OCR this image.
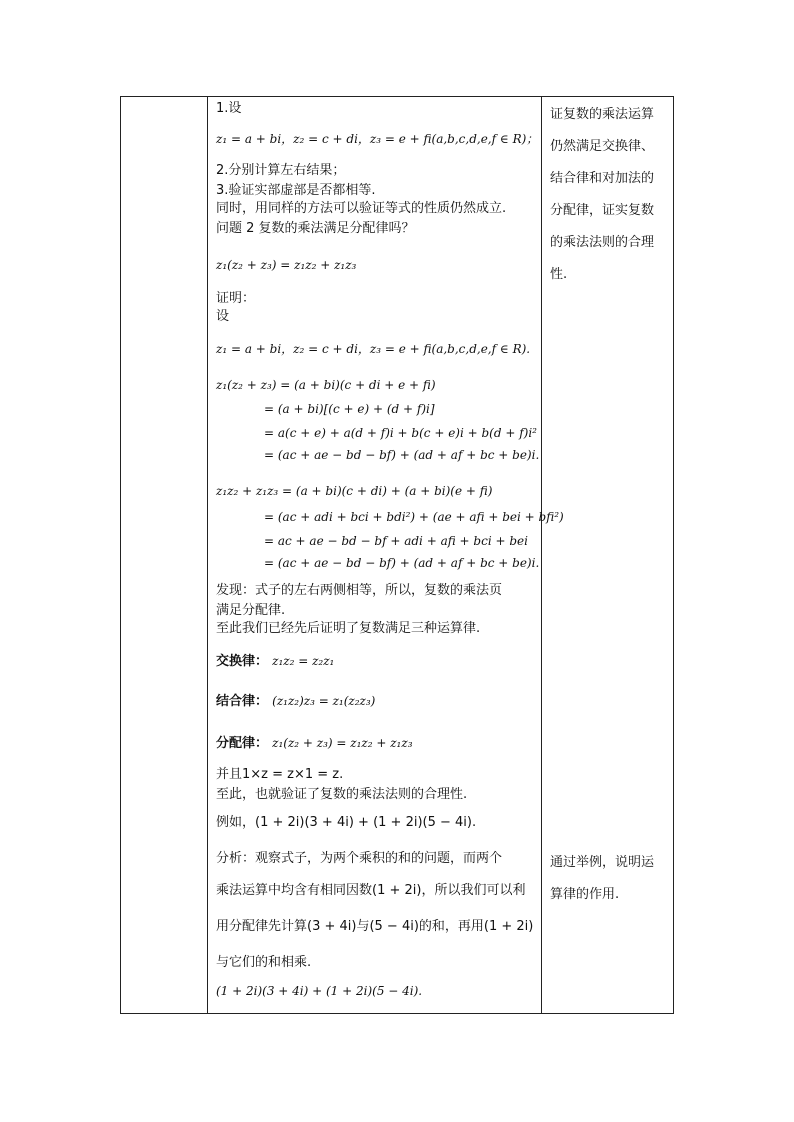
1.设
z₁ = a + bi，z₂ = c + di，z₃ = e + fi(a,b,c,d,e,f ∈ R)；
2.分别计算左右结果；
3.验证实部虚部是否都相等.
同时，用同样的方法可以验证等式的性质仍然成立.
问题 2 复数的乘法满足分配律吗？
z₁(z₂ + z₃) = z₁z₂ + z₁z₃
证明：
设
z₁ = a + bi，z₂ = c + di，z₃ = e + fi(a,b,c,d,e,f ∈ R).
z₁(z₂ + z₃) = (a + bi)(c + di + e + fi)
= (a + bi)[(c + e) + (d + f)i]
= a(c + e) + a(d + f)i + b(c + e)i + b(d + f)i²
= (ac + ae − bd − bf) + (ad + af + bc + be)i.
z₁z₂ + z₁z₃ = (a + bi)(c + di) + (a + bi)(e + fi)
= (ac + adi + bci + bdi²) + (ae + afi + bei + bfi²)
= ac + ae − bd − bf + adi + afi + bci + bei
= (ac + ae − bd − bf) + (ad + af + bc + be)i.
发现：式子的左右两侧相等，所以，复数的乘法页
满足分配律.
至此我们已经先后证明了复数满足三种运算律.
交换律： z₁z₂ = z₂z₁
结合律： (z₁z₂)z₃ = z₁(z₂z₃)
分配律： z₁(z₂ + z₃) = z₁z₂ + z₁z₃
并且1×z = z×1 = z.
至此，也就验证了复数的乘法法则的合理性.
例如，(1 + 2i)(3 + 4i) + (1 + 2i)(5 − 4i).
分析：观察式子，为两个乘积的和的问题，而两个
乘法运算中均含有相同因数(1 + 2i)，所以我们可以利
用分配律先计算(3 + 4i)与(5 − 4i)的和，再用(1 + 2i)
与它们的和相乘.
(1 + 2i)(3 + 4i) + (1 + 2i)(5 − 4i).
证复数的乘法运算
仍然满足交换律、
结合律和对加法的
分配律，证实复数
的乘法法则的合理
性.
通过举例，说明运
算律的作用.
